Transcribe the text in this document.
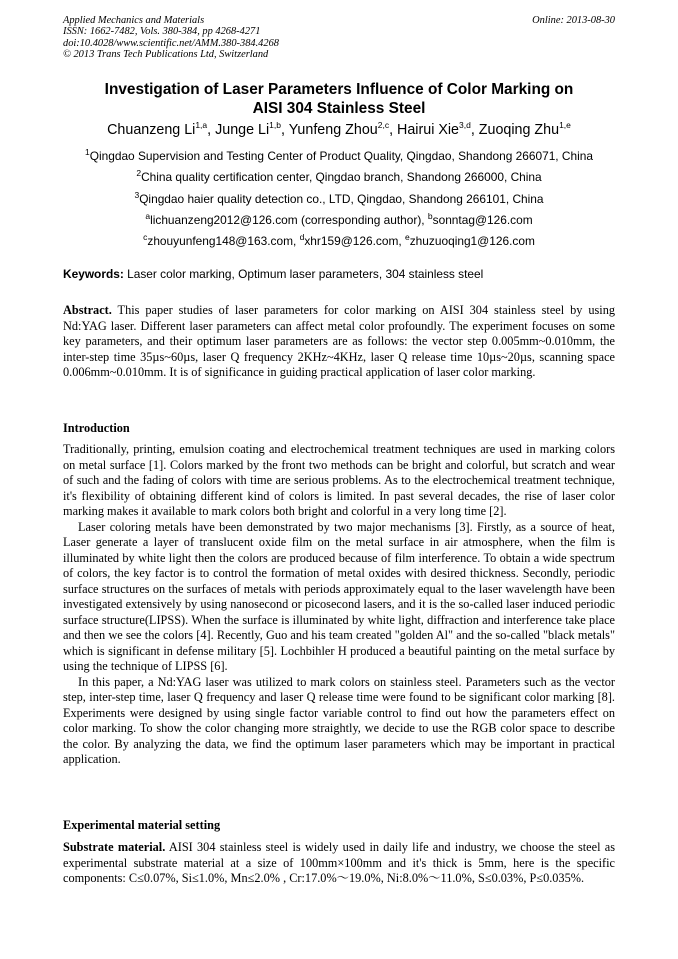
Applied Mechanics and Materials
ISSN: 1662-7482, Vols. 380-384, pp 4268-4271
doi:10.4028/www.scientific.net/AMM.380-384.4268
© 2013 Trans Tech Publications Ltd, Switzerland
Online: 2013-08-30
Investigation of Laser Parameters Influence of Color Marking on
AISI 304 Stainless Steel
Chuanzeng Li$^{1,a}$, Junge Li$^{1,b}$, Yunfeng Zhou$^{2,c}$, Hairui Xie$^{3,d}$, Zuoqing Zhu$^{1,e}$
$^1$Qingdao Supervision and Testing Center of Product Quality, Qingdao, Shandong 266071, China
$^2$China quality certification center, Qingdao branch, Shandong 266000, China
$^3$Qingdao haier quality detection co., LTD, Qingdao, Shandong 266101, China
$^a$lichuanzeng2012@126.com (corresponding author), $^b$sonntag@126.com
$^c$zhouyunfeng148@163.com, $^d$xhr159@126.com, $^e$zhuzuoqing1@126.com
Keywords: Laser color marking, Optimum laser parameters, 304 stainless steel

Abstract. This paper studies of laser parameters for color marking on AISI 304 stainless steel by using Nd:YAG laser. Different laser parameters can affect metal color profoundly. The experiment focuses on some key parameters, and their optimum laser parameters are as follows: the vector step 0.005mm~0.010mm, the inter-step time 35µs~60µs, laser Q frequency 2KHz~4KHz, laser Q release time 10µs~20µs, scanning space 0.006mm~0.010mm. It is of significance in guiding practical application of laser color marking.

Introduction

Traditionally, printing, emulsion coating and electrochemical treatment techniques are used in marking colors on metal surface [1]. Colors marked by the front two methods can be bright and colorful, but scratch and wear of such and the fading of colors with time are serious problems. As to the electrochemical treatment technique, it's flexibility of obtaining different kind of colors is limited. In past several decades, the rise of laser color marking makes it available to mark colors both bright and colorful in a very long time [2].

Laser coloring metals have been demonstrated by two major mechanisms [3]. Firstly, as a source of heat, Laser generate a layer of translucent oxide film on the metal surface in air atmosphere, when the film is illuminated by white light then the colors are produced because of film interference. To obtain a wide spectrum of colors, the key factor is to control the formation of metal oxides with desired thickness. Secondly, periodic surface structures on the surfaces of metals with periods approximately equal to the laser wavelength have been investigated extensively by using nanosecond or picosecond lasers, and it is the so-called laser induced periodic surface structure(LIPSS). When the surface is illuminated by white light, diffraction and interference take place and then we see the colors [4]. Recently, Guo and his team created "golden Al" and the so-called "black metals" which is significant in defense military [5]. Lochbihler H produced a beautiful painting on the metal surface by using the technique of LIPSS [6].

In this paper, a Nd:YAG laser was utilized to mark colors on stainless steel. Parameters such as the vector step, inter-step time, laser Q frequency and laser Q release time were found to be significant color marking [8]. Experiments were designed by using single factor variable control to find out how the parameters effect on color marking. To show the color changing more straightly, we decide to use the RGB color space to describe the color. By analyzing the data, we find the optimum laser parameters which may be important in practical application.

Experimental material setting

Substrate material. AISI 304 stainless steel is widely used in daily life and industry, we choose the steel as experimental substrate material at a size of 100mm×100mm and it's thick is 5mm, here is the specific components: C≤0.07%, Si≤1.0%, Mn≤2.0% , Cr:17.0%～19.0%, Ni:8.0%～11.0%, S≤0.03%, P≤0.035%.
